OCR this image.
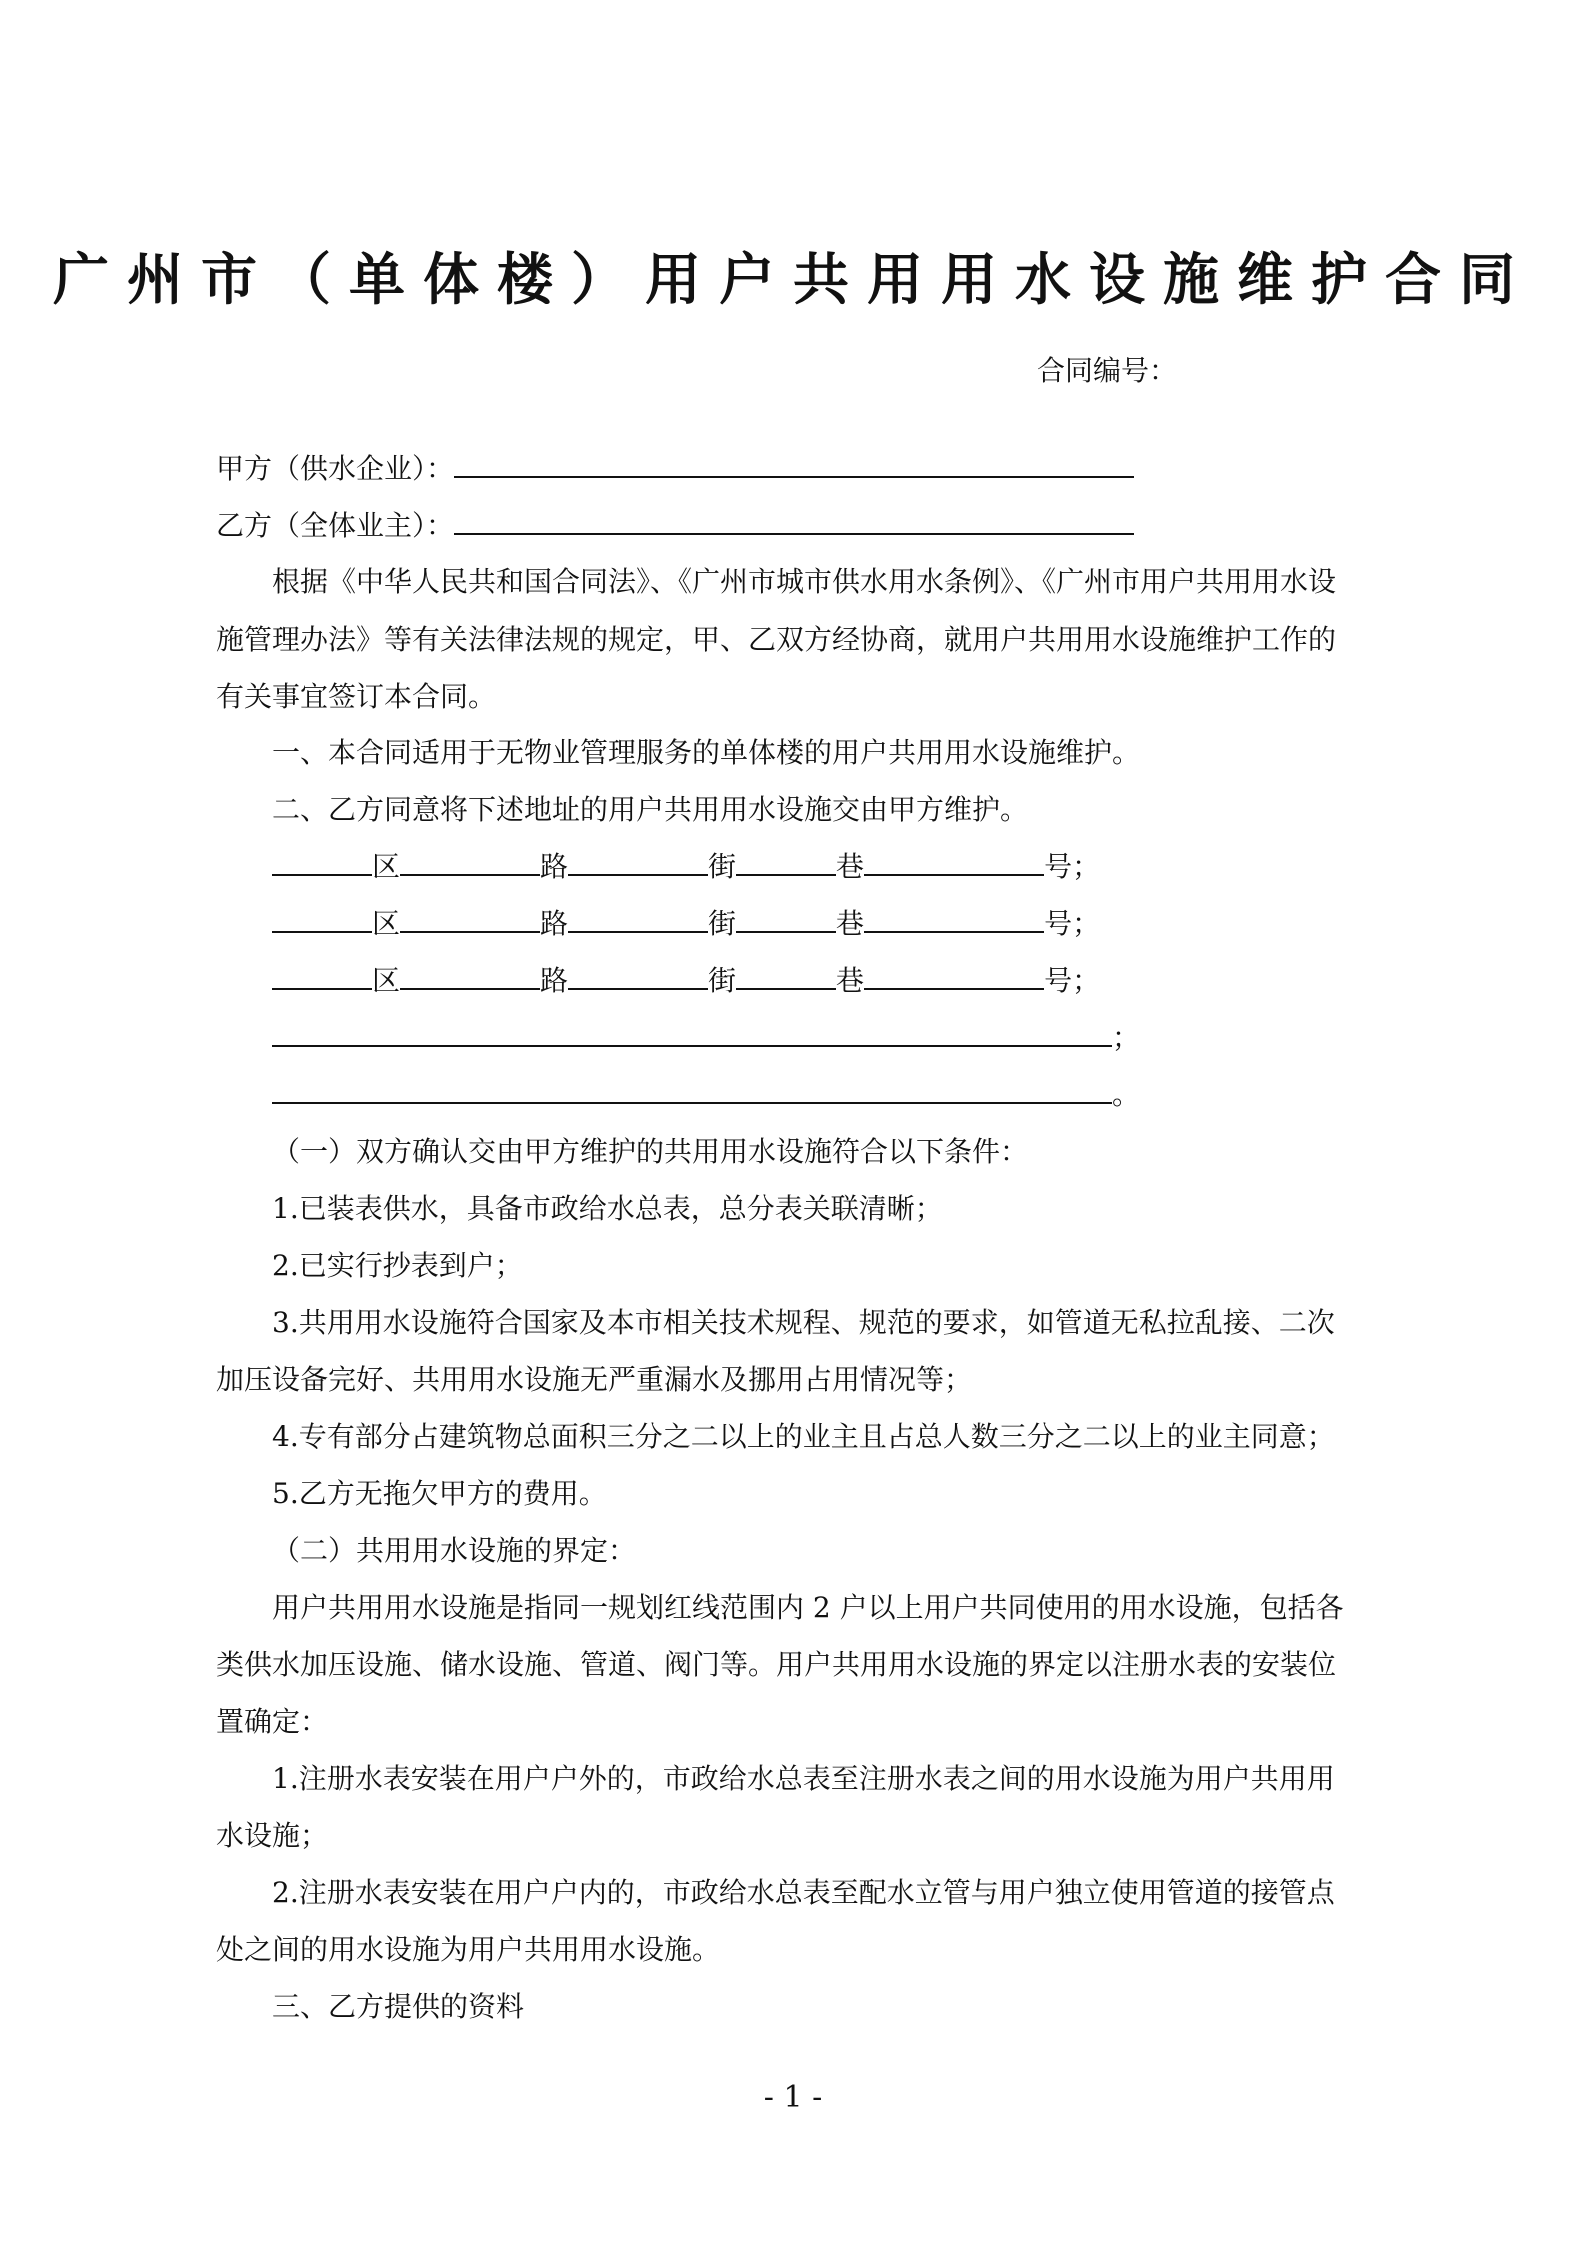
广州市（单体楼）用户共用用水设施维护合同
合同编号：
甲方（供水企业）：
乙方（全体业主）：
根据《中华人民共和国合同法》、《广州市城市供水用水条例》、《广州市用户共用用水设
施管理办法》等有关法律法规的规定，甲、乙双方经协商，就用户共用用水设施维护工作的
有关事宜签订本合同。
一、本合同适用于无物业管理服务的单体楼的用户共用用水设施维护。
二、乙方同意将下述地址的用户共用用水设施交由甲方维护。
区	路	街	巷	号；
区	路	街	巷	号；
区	路	街	巷	号；
；
。
（一）双方确认交由甲方维护的共用用水设施符合以下条件：
1.已装表供水，具备市政给水总表，总分表关联清晰；
2.已实行抄表到户；
3.共用用水设施符合国家及本市相关技术规程、规范的要求，如管道无私拉乱接、二次
加压设备完好、共用用水设施无严重漏水及挪用占用情况等；
4.专有部分占建筑物总面积三分之二以上的业主且占总人数三分之二以上的业主同意；
5.乙方无拖欠甲方的费用。
（二）共用用水设施的界定：
用户共用用水设施是指同一规划红线范围内 2 户以上用户共同使用的用水设施，包括各
类供水加压设施、储水设施、管道、阀门等。用户共用用水设施的界定以注册水表的安装位
置确定：
1.注册水表安装在用户户外的，市政给水总表至注册水表之间的用水设施为用户共用用
水设施；
2.注册水表安装在用户户内的，市政给水总表至配水立管与用户独立使用管道的接管点
处之间的用水设施为用户共用用水设施。
三、乙方提供的资料
- 1 -
